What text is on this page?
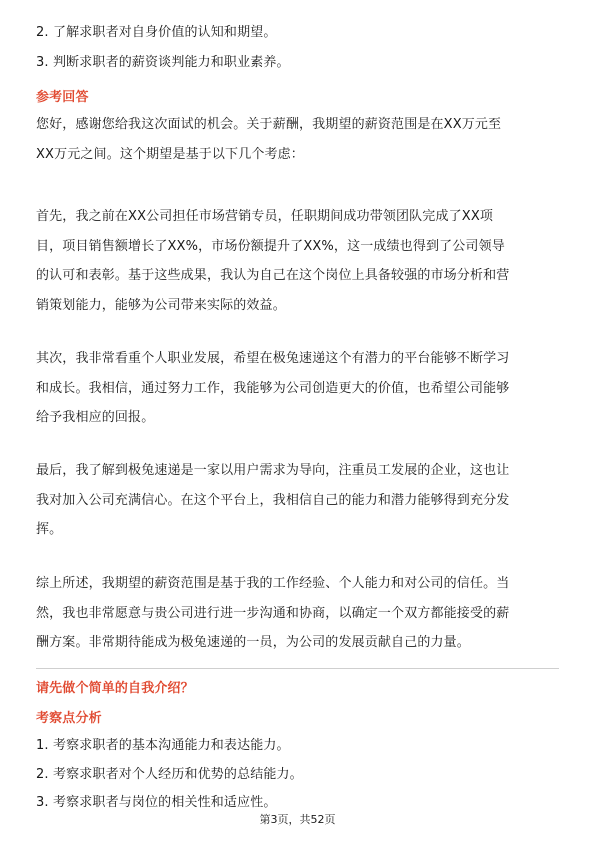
2. 了解求职者对自身价值的认知和期望。
3. 判断求职者的薪资谈判能力和职业素养。
参考回答
您好，感谢您给我这次面试的机会。关于薪酬，我期望的薪资范围是在XX万元至
XX万元之间。这个期望是基于以下几个考虑：
首先，我之前在XX公司担任市场营销专员，任职期间成功带领团队完成了XX项
目，项目销售额增长了XX%，市场份额提升了XX%，这一成绩也得到了公司领导
的认可和表彰。基于这些成果，我认为自己在这个岗位上具备较强的市场分析和营
销策划能力，能够为公司带来实际的效益。
其次，我非常看重个人职业发展，希望在极兔速递这个有潜力的平台能够不断学习
和成长。我相信，通过努力工作，我能够为公司创造更大的价值，也希望公司能够
给予我相应的回报。
最后，我了解到极兔速递是一家以用户需求为导向，注重员工发展的企业，这也让
我对加入公司充满信心。在这个平台上，我相信自己的能力和潜力能够得到充分发
挥。
综上所述，我期望的薪资范围是基于我的工作经验、个人能力和对公司的信任。当
然，我也非常愿意与贵公司进行进一步沟通和协商，以确定一个双方都能接受的薪
酬方案。非常期待能成为极兔速递的一员，为公司的发展贡献自己的力量。
请先做个简单的自我介绍？
考察点分析
1. 考察求职者的基本沟通能力和表达能力。
2. 考察求职者对个人经历和优势的总结能力。
3. 考察求职者与岗位的相关性和适应性。
第3页，共52页
